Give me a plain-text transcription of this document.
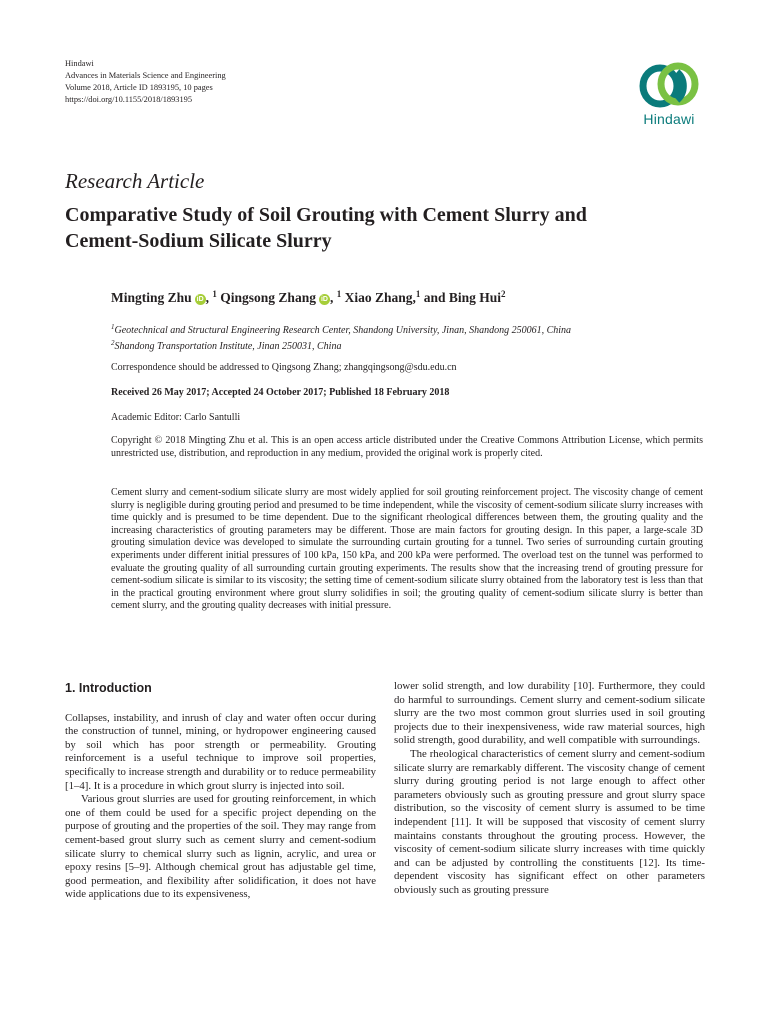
Hindawi
Advances in Materials Science and Engineering
Volume 2018, Article ID 1893195, 10 pages
https://doi.org/10.1155/2018/1893195
Hindawi
Research Article
Comparative Study of Soil Grouting with Cement Slurry and
Cement-Sodium Silicate Slurry
Mingting Zhu iD , $^1$ Qingsong Zhang iD , $^1$ Xiao Zhang,$^1$ and Bing Hui$^2$
$^1$Geotechnical and Structural Engineering Research Center, Shandong University, Jinan, Shandong 250061, China
$^2$Shandong Transportation Institute, Jinan 250031, China
Correspondence should be addressed to Qingsong Zhang; zhangqingsong@sdu.edu.cn
Received 26 May 2017; Accepted 24 October 2017; Published 18 February 2018
Academic Editor: Carlo Santulli
Copyright © 2018 Mingting Zhu et al. This is an open access article distributed under the Creative Commons Attribution License, which permits unrestricted use, distribution, and reproduction in any medium, provided the original work is properly cited.
Cement slurry and cement-sodium silicate slurry are most widely applied for soil grouting reinforcement project. The viscosity change of cement slurry is negligible during grouting period and presumed to be time independent, while the viscosity of cement-sodium silicate slurry increases with time quickly and is presumed to be time dependent. Due to the significant rheological differences between them, the grouting quality and the increasing characteristics of grouting parameters may be different. Those are main factors for grouting design. In this paper, a large-scale 3D grouting simulation device was developed to simulate the surrounding curtain grouting for a tunnel. Two series of surrounding curtain grouting experiments under different initial pressures of 100 kPa, 150 kPa, and 200 kPa were performed. The overload test on the tunnel was performed to evaluate the grouting quality of all surrounding curtain grouting experiments. The results show that the increasing trend of grouting pressure for cement-sodium silicate is similar to its viscosity; the setting time of cement-sodium silicate slurry obtained from the laboratory test is less than that in the practical grouting environment where grout slurry solidifies in soil; the grouting quality of cement-sodium silicate slurry is better than cement slurry, and the grouting quality decreases with initial pressure.
1. Introduction

Collapses, instability, and inrush of clay and water often occur during the construction of tunnel, mining, or hydropower engineering caused by soil which has poor strength or permeability. Grouting reinforcement is a useful technique to improve soil properties, specifically to increase strength and durability or to reduce permeability [1–4]. It is a procedure in which grout slurry is injected into soil.

Various grout slurries are used for grouting reinforcement, in which one of them could be used for a specific project depending on the purpose of grouting and the properties of the soil. They may range from cement-based grout slurry such as cement slurry and cement-sodium silicate slurry to chemical slurry such as lignin, acrylic, and urea or epoxy resins [5–9]. Although chemical grout has adjustable gel time, good permeation, and flexibility after solidification, it does not have wide applications due to its expensiveness,

lower solid strength, and low durability [10]. Furthermore, they could do harmful to surroundings. Cement slurry and cement-sodium silicate slurry are the two most common grout slurries used in soil grouting projects due to their inexpensiveness, wide raw material sources, high solid strength, good durability, and well compatible with surroundings.

The rheological characteristics of cement slurry and cement-sodium silicate slurry are remarkably different. The viscosity change of cement slurry during grouting period is not large enough to affect other parameters obviously such as grouting pressure and grout slurry space distribution, so the viscosity of cement slurry is assumed to be time independent [11]. It will be supposed that viscosity of cement slurry maintains constants throughout the grouting process. However, the viscosity of cement-sodium silicate slurry increases with time quickly and can be adjusted by controlling the constituents [12]. Its time-dependent viscosity has significant effect on other parameters obviously such as grouting pressure
